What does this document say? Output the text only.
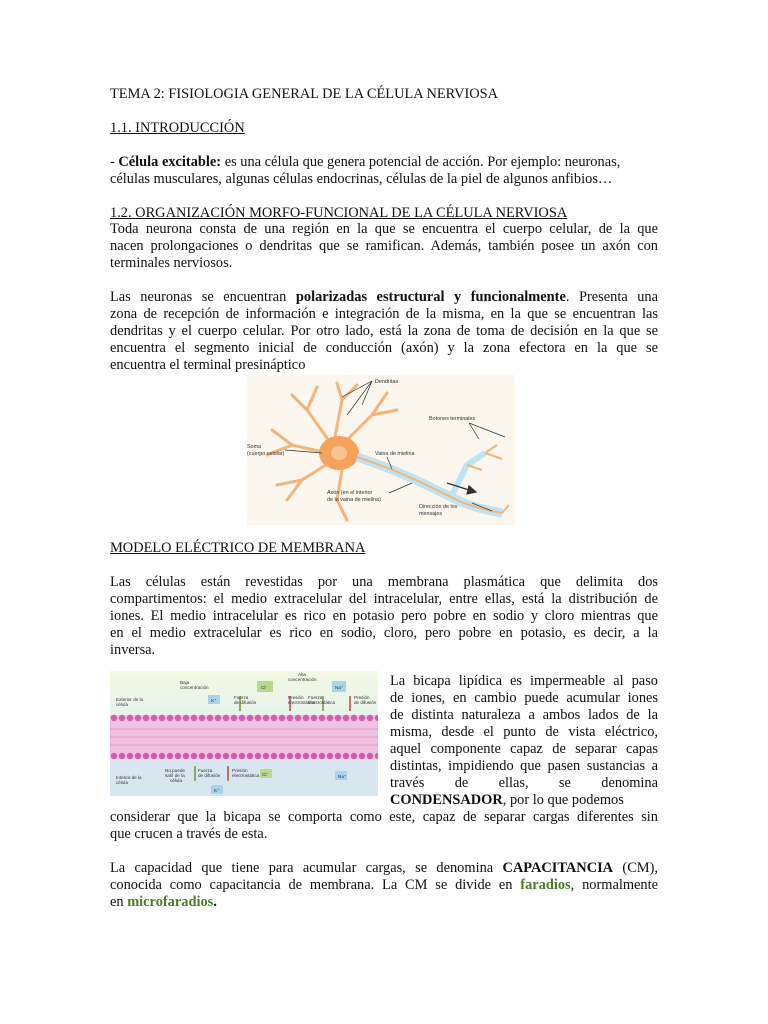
TEMA 2: FISIOLOGIA GENERAL DE LA CÉLULA NERVIOSA
1.1. INTRODUCCIÓN
- Célula excitable: es una célula que genera potencial de acción. Por ejemplo: neuronas,
células musculares, algunas células endocrinas, células de la piel de algunos anfibios…
1.2. ORGANIZACIÓN MORFO-FUNCIONAL DE LA CÉLULA NERVIOSA
Toda neurona consta de una región en la que se encuentra el cuerpo celular, de la que
nacen prolongaciones o dendritas que se ramifican. Además, también posee un axón con
terminales nerviosos.
Las neuronas se encuentran polarizadas estructural y funcionalmente. Presenta una
zona de recepción de información e integración de la misma, en la que se encuentran las
dendritas y el cuerpo celular. Por otro lado, está la zona de toma de decisión en la que se
encuentra el segmento inicial de conducción (axón) y la zona efectora en la que se
encuentra el terminal presináptico
Dendritas
Botones terminales
Soma
(cuerpo celular)	Vaina de mielina
Axón (en el interior
de la vaina de mielina)
Dirección de los
mensajes
MODELO ELÉCTRICO DE MEMBRANA
Las células están revestidas por una membrana plasmática que delimita dos
compartimentos: el medio extracelular del intracelular, entre ellas, está la distribución de
iones. El medio intracelular es rico en potasio pero pobre en sodio y cloro mientras que
en el medio extracelular es rico en sodio, cloro, pero pobre en potasio, es decir, a la
inversa.
Baja
concentración
Alta
concentración
Exterior de la
célula
Interior de la
célula
Fuerza
de difusión
Presión
electrostática
Fuerza
electrostática
Presión
de difusión
No puede
salir de la
célula
Fuerza
de difusión
Presión
electrostática
K⁺
Cl⁻	Na⁺
K⁺
Cl⁻	Na⁺
La bicapa lipídica es impermeable al paso
de iones, en cambio puede acumular iones
de distinta naturaleza a ambos lados de la
misma, desde el punto de vista eléctrico,
aquel componente capaz de separar capas
distintas, impidiendo que pasen sustancias a
través de ellas, se denomina
CONDENSADOR, por lo que podemos
considerar que la bicapa se comporta como este, capaz de separar cargas diferentes sin
que crucen a través de esta.
La capacidad que tiene para acumular cargas, se denomina CAPACITANCIA (CM),
conocida como capacitancia de membrana. La CM se divide en faradios, normalmente
en microfaradios.
